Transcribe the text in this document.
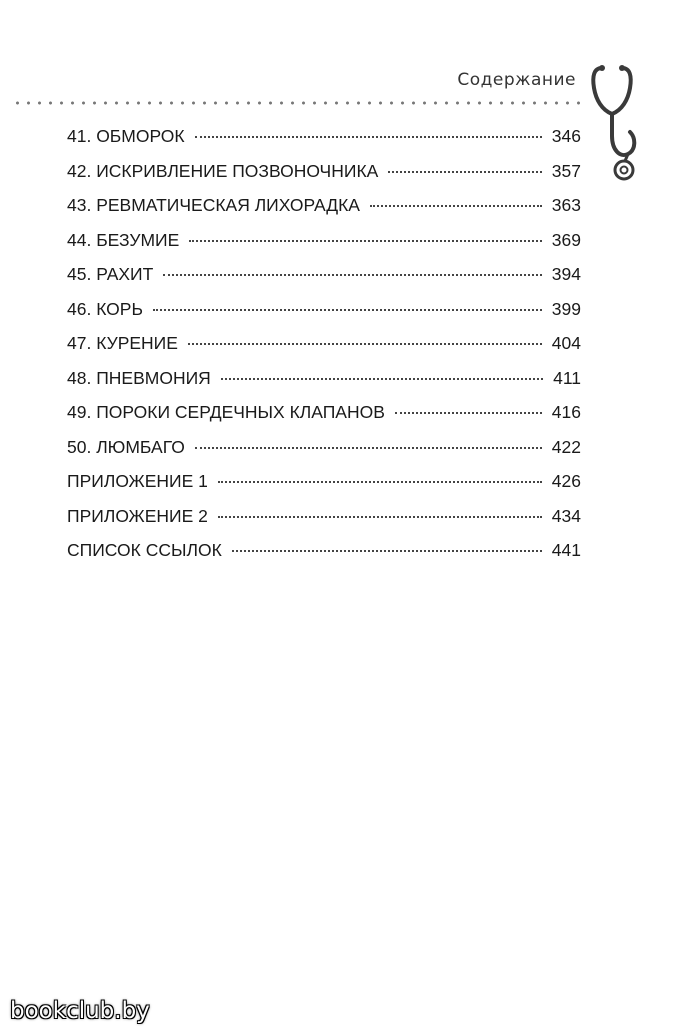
Содержание
41. ОБМОРОК	346
42. ИСКРИВЛЕНИЕ ПОЗВОНОЧНИКА	357
43. РЕВМАТИЧЕСКАЯ ЛИХОРАДКА	363
44. БЕЗУМИЕ	369
45. РАХИТ	394
46. КОРЬ	399
47. КУРЕНИЕ	404
48. ПНЕВМОНИЯ	411
49. ПОРОКИ СЕРДЕЧНЫХ КЛАПАНОВ	416
50. ЛЮМБАГО	422
ПРИЛОЖЕНИЕ 1	426
ПРИЛОЖЕНИЕ 2	434
СПИСОК ССЫЛОК	441
bookclub.by
